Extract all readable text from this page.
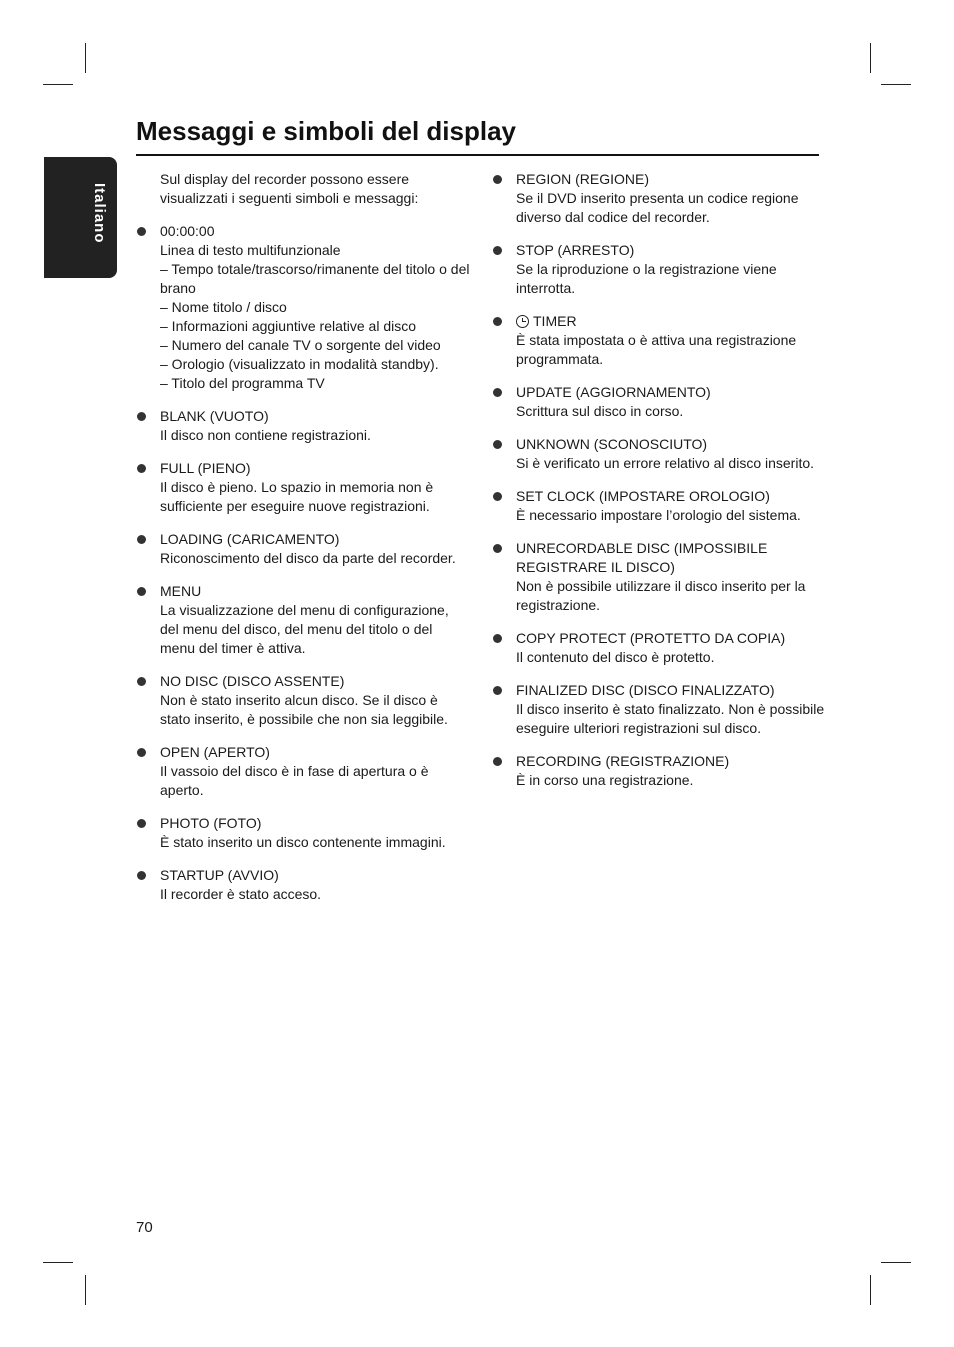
Messaggi e simboli del display
Italiano

Sul display del recorder possono essere visualizzati i seguenti simboli e messaggi:

00:00:00
Linea di testo multifunzionale
– Tempo totale/trascorso/rimanente del titolo o del brano
– Nome titolo / disco
– Informazioni aggiuntive relative al disco
– Numero del canale TV o sorgente del video
– Orologio (visualizzato in modalità standby).
– Titolo del programma TV
BLANK (VUOTO)
Il disco non contiene registrazioni.
FULL (PIENO)
Il disco è pieno. Lo spazio in memoria non è sufficiente per eseguire nuove registrazioni.
LOADING (CARICAMENTO)
Riconoscimento del disco da parte del recorder.
MENU
La visualizzazione del menu di configurazione, del menu del disco, del menu del titolo o del menu del timer è attiva.
NO DISC (DISCO ASSENTE)
Non è stato inserito alcun disco. Se il disco è stato inserito, è possibile che non sia leggibile.
OPEN (APERTO)
Il vassoio del disco è in fase di apertura o è aperto.
PHOTO (FOTO)
È stato inserito un disco contenente immagini.
STARTUP (AVVIO)
Il recorder è stato acceso.
REGION (REGIONE)
Se il DVD inserito presenta un codice regione diverso dal codice del recorder.
STOP (ARRESTO)
Se la riproduzione o la registrazione viene interrotta.
TIMER
È stata impostata o è attiva una registrazione programmata.
UPDATE (AGGIORNAMENTO)
Scrittura sul disco in corso.
UNKNOWN (SCONOSCIUTO)
Si è verificato un errore relativo al disco inserito.
SET CLOCK (IMPOSTARE OROLOGIO)
È necessario impostare l’orologio del sistema.
UNRECORDABLE DISC (IMPOSSIBILE REGISTRARE IL DISCO)
Non è possibile utilizzare il disco inserito per la registrazione.
COPY PROTECT (PROTETTO DA COPIA)
Il contenuto del disco è protetto.
FINALIZED DISC (DISCO FINALIZZATO)
Il disco inserito è stato finalizzato. Non è possibile eseguire ulteriori registrazioni sul disco.
RECORDING (REGISTRAZIONE)
È in corso una registrazione.
70
